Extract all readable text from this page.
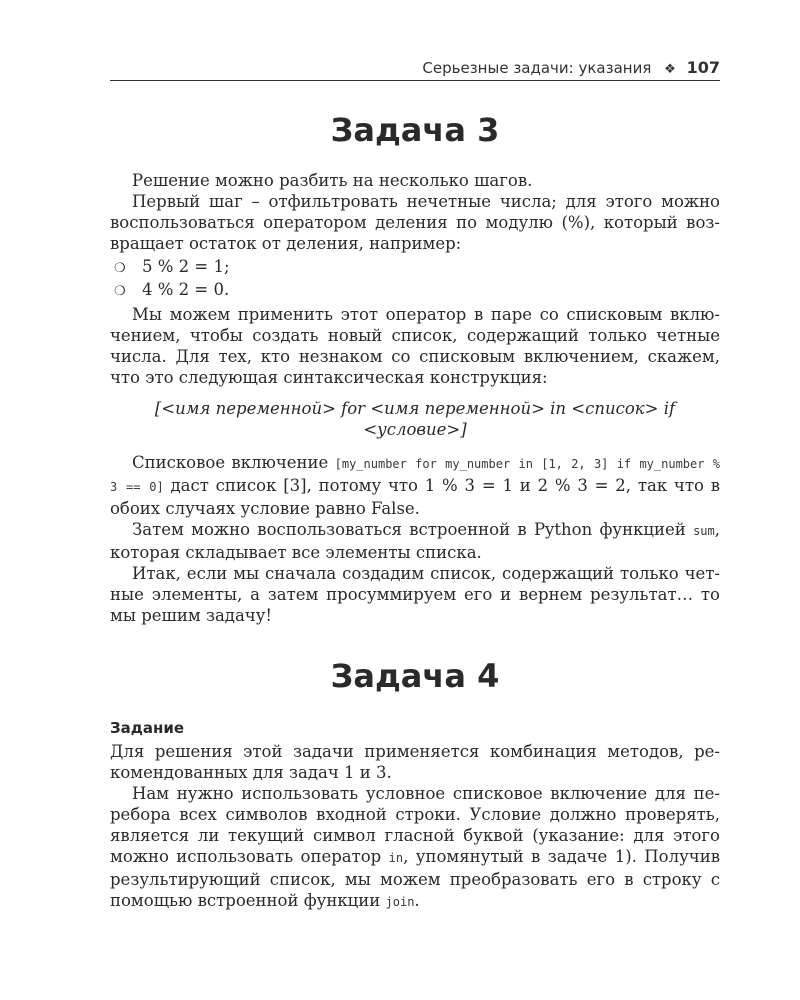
Серьезные задачи: указания ❖ 107
Задача 3

Решение можно разбить на несколько шагов.

Первый шаг – отфильтровать нечетные числа; для этого можно воспользоваться оператором деления по модулю (%), который возвращает остаток от деления, например:

❍ 5 % 2 = 1;
❍ 4 % 2 = 0.

Мы можем применить этот оператор в паре со списковым включением, чтобы создать новый список, содержащий только четные числа. Для тех, кто незнаком со списковым включением, скажем, что это следующая синтаксическая конструкция:

[<имя переменной> for <имя переменной> in <список> if <условие>]

Списковое включение [my_number for my_number in [1, 2, 3] if my_number % 3 == 0] даст список [3], потому что 1 % 3 = 1 и 2 % 3 = 2, так что в обоих случаях условие равно False.

Затем можно воспользоваться встроенной в Python функцией sum, которая складывает все элементы списка.

Итак, если мы сначала создадим список, содержащий только четные элементы, а затем просуммируем его и вернем результат… то мы решим задачу!

Задача 4
Задание

Для решения этой задачи применяется комбинация методов, рекомендованных для задач 1 и 3.

Нам нужно использовать условное списковое включение для перебора всех символов входной строки. Условие должно проверять, является ли текущий символ гласной буквой (указание: для этого можно использовать оператор in, упомянутый в задаче 1). Получив результирующий список, мы можем преобразовать его в строку с помощью встроенной функции join.
